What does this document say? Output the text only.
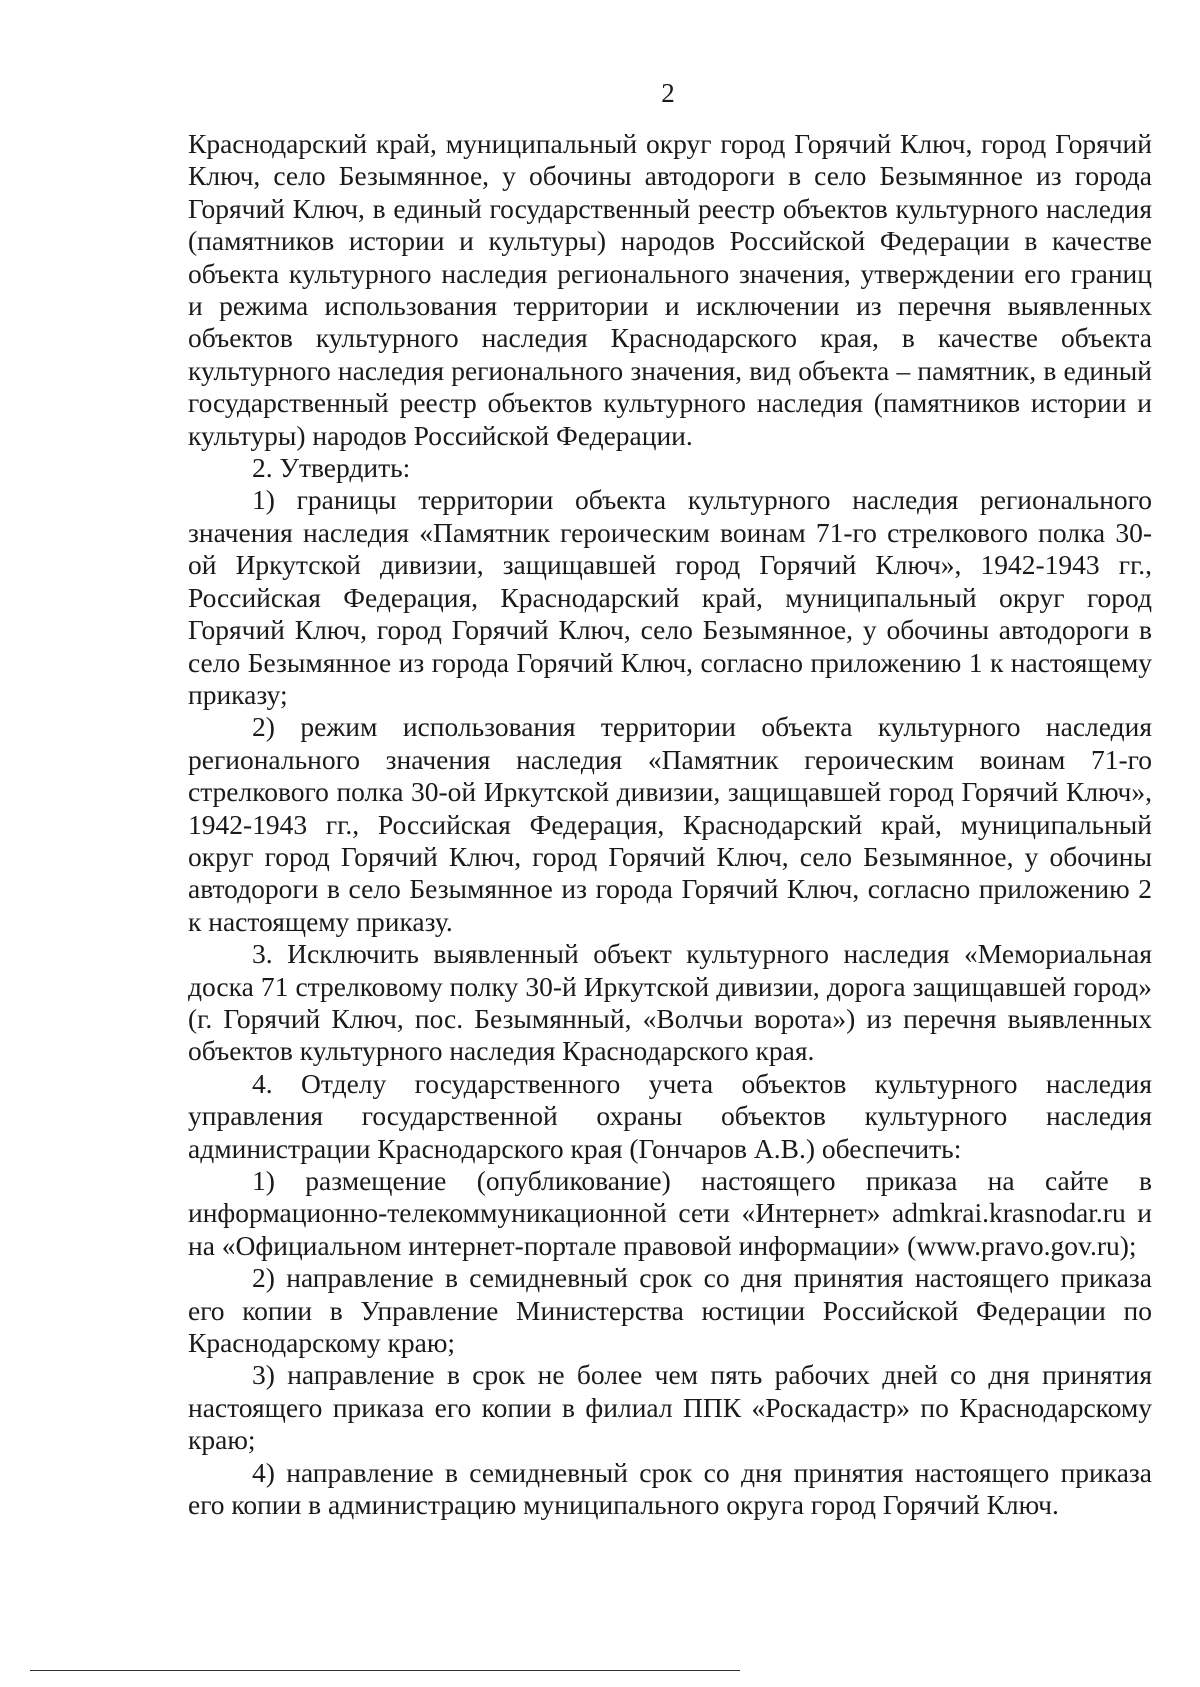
2

Краснодарский край, муниципальный округ город Горячий Ключ, город Горячий Ключ, село Безымянное, у обочины автодороги в село Безымянное из города Горячий Ключ, в единый государственный реестр объектов культурного наследия (памятников истории и культуры) народов Российской Федерации в качестве объекта культурного наследия регионального значения, утверждении его границ и режима использования территории и исключении из перечня выявленных объектов культурного наследия Краснодарского края, в качестве объекта культурного наследия регионального значения, вид объекта – памятник, в единый государственный реестр объектов культурного наследия (памятников истории и культуры) народов Российской Федерации.

2. Утвердить:

1) границы территории объекта культурного наследия регионального значения наследия «Памятник героическим воинам 71-го стрелкового полка 30-ой Иркутской дивизии, защищавшей город Горячий Ключ», 1942-1943 гг., Российская Федерация, Краснодарский край, муниципальный округ город Горячий Ключ, город Горячий Ключ, село Безымянное, у обочины автодороги в село Безымянное из города Горячий Ключ, согласно приложению 1 к настоящему приказу;

2) режим использования территории объекта культурного наследия регионального значения наследия «Памятник героическим воинам 71-го стрелкового полка 30-ой Иркутской дивизии, защищавшей город Горячий Ключ», 1942-1943 гг., Российская Федерация, Краснодарский край, муниципальный округ город Горячий Ключ, город Горячий Ключ, село Безымянное, у обочины автодороги в село Безымянное из города Горячий Ключ, согласно приложению 2 к настоящему приказу.

3. Исключить выявленный объект культурного наследия «Мемориальная доска 71 стрелковому полку 30-й Иркутской дивизии, дорога защищавшей город» (г. Горячий Ключ, пос. Безымянный, «Волчьи ворота») из перечня выявленных объектов культурного наследия Краснодарского края.

4. Отделу государственного учета объектов культурного наследия управления государственной охраны объектов культурного наследия администрации Краснодарского края (Гончаров А.В.) обеспечить:

1) размещение (опубликование) настоящего приказа на сайте в информационно-телекоммуникационной сети «Интернет» admkrai.krasnodar.ru и на «Официальном интернет-портале правовой информации» (www.pravo.gov.ru);

2) направление в семидневный срок со дня принятия настоящего приказа его копии в Управление Министерства юстиции Российской Федерации по Краснодарскому краю;

3) направление в срок не более чем пять рабочих дней со дня принятия настоящего приказа его копии в филиал ППК «Роскадастр» по Краснодарскому краю;

4) направление в семидневный срок со дня принятия настоящего приказа его копии в администрацию муниципального округа город Горячий Ключ.
